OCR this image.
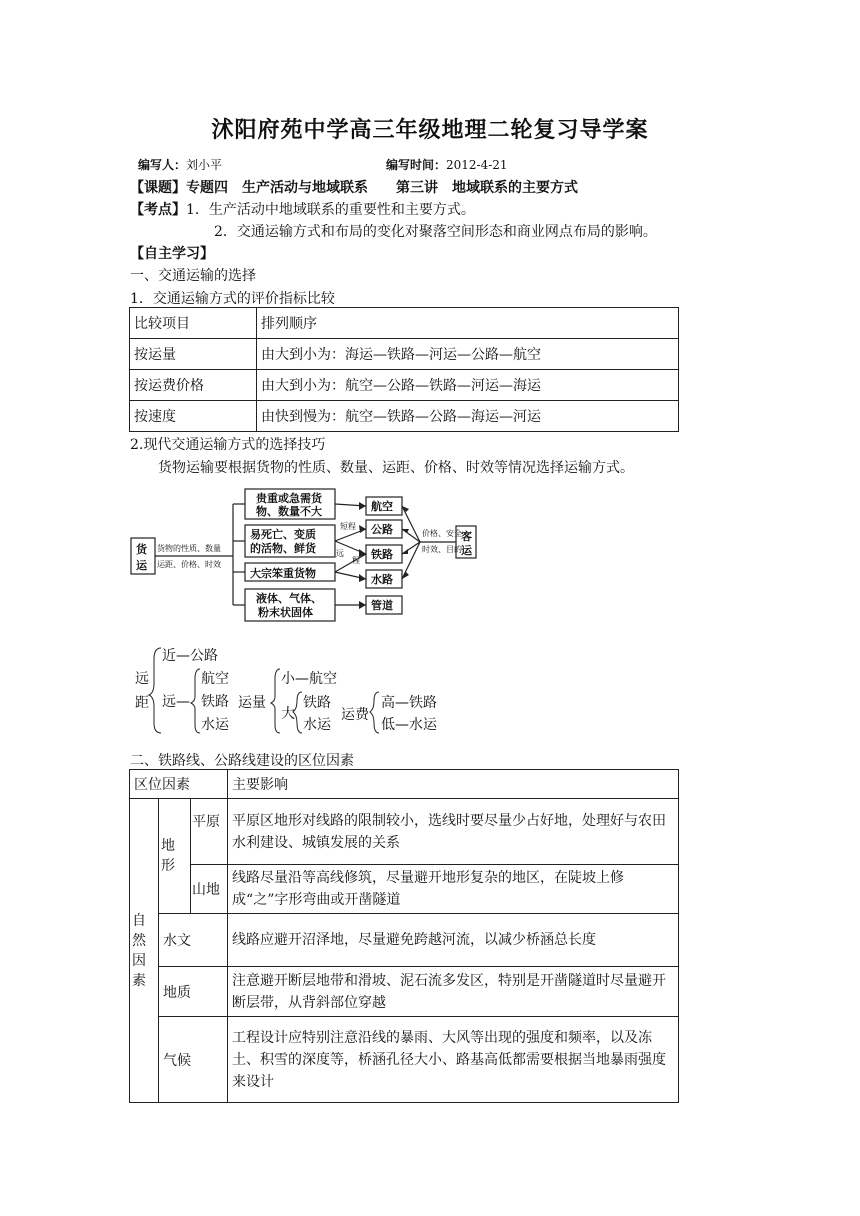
沭阳府苑中学高三年级地理二轮复习导学案
编写人：刘小平	编写时间：2012-4-21
【课题】专题四　生产活动与地域联系　　第三讲　地域联系的主要方式
【考点】1．生产活动中地域联系的重要性和主要方式。
2．交通运输方式和布局的变化对聚落空间形态和商业网点布局的影响。
【自主学习】
一、交通运输的选择
1．交通运输方式的评价指标比较
比较项目	排列顺序
按运量	由大到小为：海运—铁路—河运—公路—航空
按运费价格	由大到小为：航空—公路—铁路—河运—海运
按速度	由快到慢为：航空—铁路—公路—海运—河运
2.现代交通运输方式的选择技巧
货物运输要根据货物的性质、数量、运距、价格、时效等情况选择运输方式。
货
运
贵重或急需货
物、数量不大
易死亡、变质
的活物、鲜货
大宗笨重货物
液体、气体、
粉末状固体
航空
公路
铁路
水路
管道
客
运
货物的性质、数量
运距、价格、时效
短程
远
程
价格、安全
时效、目的
远
距
近—公路
远—
航空
铁路
水运
运量
小—航空
大
铁路
水运
运费
高—铁路
低—水运
二、铁路线、公路线建设的区位因素
区位因素			主要影响

自然因素	地形	平原	平原区地形对线路的限制较小，选线时要尽量少占好地，处理好与农田水利建设、城镇发展的关系
		山地	线路尽量沿等高线修筑，尽量避开地形复杂的地区，在陡坡上修成“之”字形弯曲或开凿隧道
	水文		线路应避开沼泽地，尽量避免跨越河流，以减少桥涵总长度
	地质		注意避开断层地带和滑坡、泥石流多发区，特别是开凿隧道时尽量避开断层带，从背斜部位穿越
	气候		工程设计应特别注意沿线的暴雨、大风等出现的强度和频率，以及冻土、积雪的深度等，桥涵孔径大小、路基高低都需要根据当地暴雨强度来设计
